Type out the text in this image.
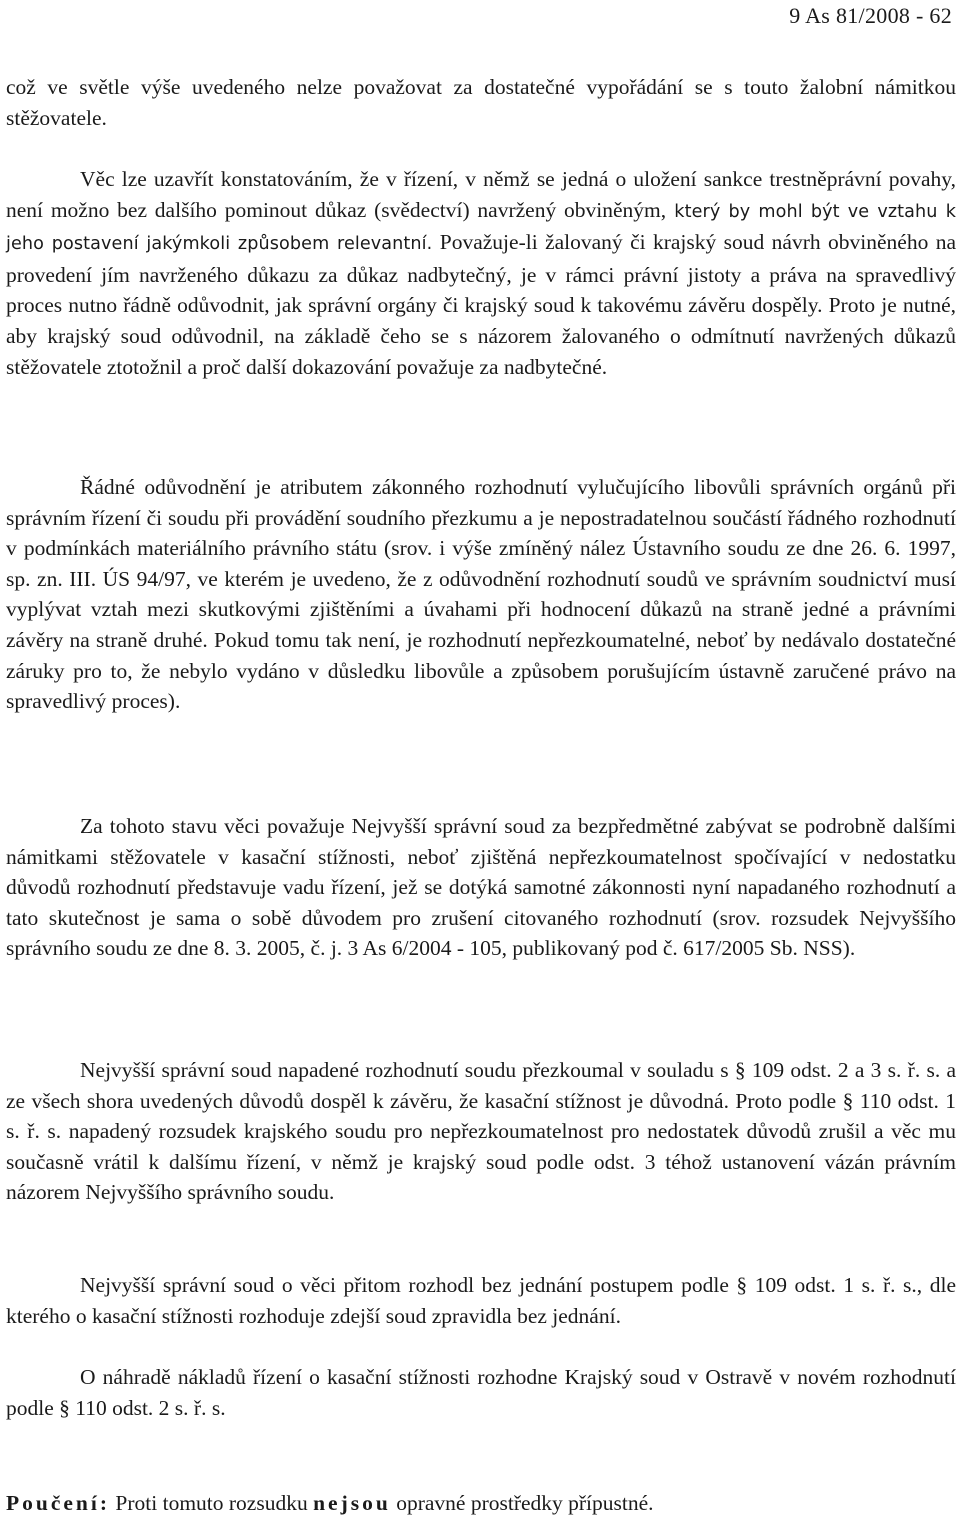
9 As 81/2008 - 62

což ve světle výše uvedeného nelze považovat za dostatečné vypořádání se s touto žalobní námitkou stěžovatele.

Věc lze uzavřít konstatováním, že v řízení, v němž se jedná o uložení sankce trestněprávní povahy, není možno bez dalšího pominout důkaz (svědectví) navržený obviněným, který by mohl být ve vztahu k jeho postavení jakýmkoli způsobem relevantní. Považuje-li žalovaný či krajský soud návrh obviněného na provedení jím navrženého důkazu za důkaz nadbytečný, je v rámci právní jistoty a práva na spravedlivý proces nutno řádně odůvodnit, jak správní orgány či krajský soud k takovému závěru dospěly. Proto je nutné, aby krajský soud odůvodnil, na základě čeho se s názorem žalovaného o odmítnutí navržených důkazů stěžovatele ztotožnil a proč další dokazování považuje za nadbytečné.

Řádné odůvodnění je atributem zákonného rozhodnutí vylučujícího libovůli správních orgánů při správním řízení či soudu při provádění soudního přezkumu a je nepostradatelnou součástí řádného rozhodnutí v podmínkách materiálního právního státu (srov. i výše zmíněný nález Ústavního soudu ze dne 26. 6. 1997, sp. zn. III. ÚS 94/97, ve kterém je uvedeno, že z odůvodnění rozhodnutí soudů ve správním soudnictví musí vyplývat vztah mezi skutkovými zjištěními a úvahami při hodnocení důkazů na straně jedné a právními závěry na straně druhé. Pokud tomu tak není, je rozhodnutí nepřezkoumatelné, neboť by nedávalo dostatečné záruky pro to, že nebylo vydáno v důsledku libovůle a způsobem porušujícím ústavně zaručené právo na spravedlivý proces).

Za tohoto stavu věci považuje Nejvyšší správní soud za bezpředmětné zabývat se podrobně dalšími námitkami stěžovatele v kasační stížnosti, neboť zjištěná nepřezkoumatelnost spočívající v nedostatku důvodů rozhodnutí představuje vadu řízení, jež se dotýká samotné zákonnosti nyní napadaného rozhodnutí a tato skutečnost je sama o sobě důvodem pro zrušení citovaného rozhodnutí (srov. rozsudek Nejvyššího správního soudu ze dne 8. 3. 2005, č. j. 3 As 6/2004 - 105, publikovaný pod č. 617/2005 Sb. NSS).

Nejvyšší správní soud napadené rozhodnutí soudu přezkoumal v souladu s § 109 odst. 2 a 3 s. ř. s. a ze všech shora uvedených důvodů dospěl k závěru, že kasační stížnost je důvodná. Proto podle § 110 odst. 1 s. ř. s. napadený rozsudek krajského soudu pro nepřezkoumatelnost pro nedostatek důvodů zrušil a věc mu současně vrátil k dalšímu řízení, v němž je krajský soud podle odst. 3 téhož ustanovení vázán právním názorem Nejvyššího správního soudu.

Nejvyšší správní soud o věci přitom rozhodl bez jednání postupem podle § 109 odst. 1 s. ř. s., dle kterého o kasační stížnosti rozhoduje zdejší soud zpravidla bez jednání.

O náhradě nákladů řízení o kasační stížnosti rozhodne Krajský soud v Ostravě v novém rozhodnutí podle § 110 odst. 2 s. ř. s.

Poučení: Proti tomuto rozsudku nejsou opravné prostředky přípustné.
